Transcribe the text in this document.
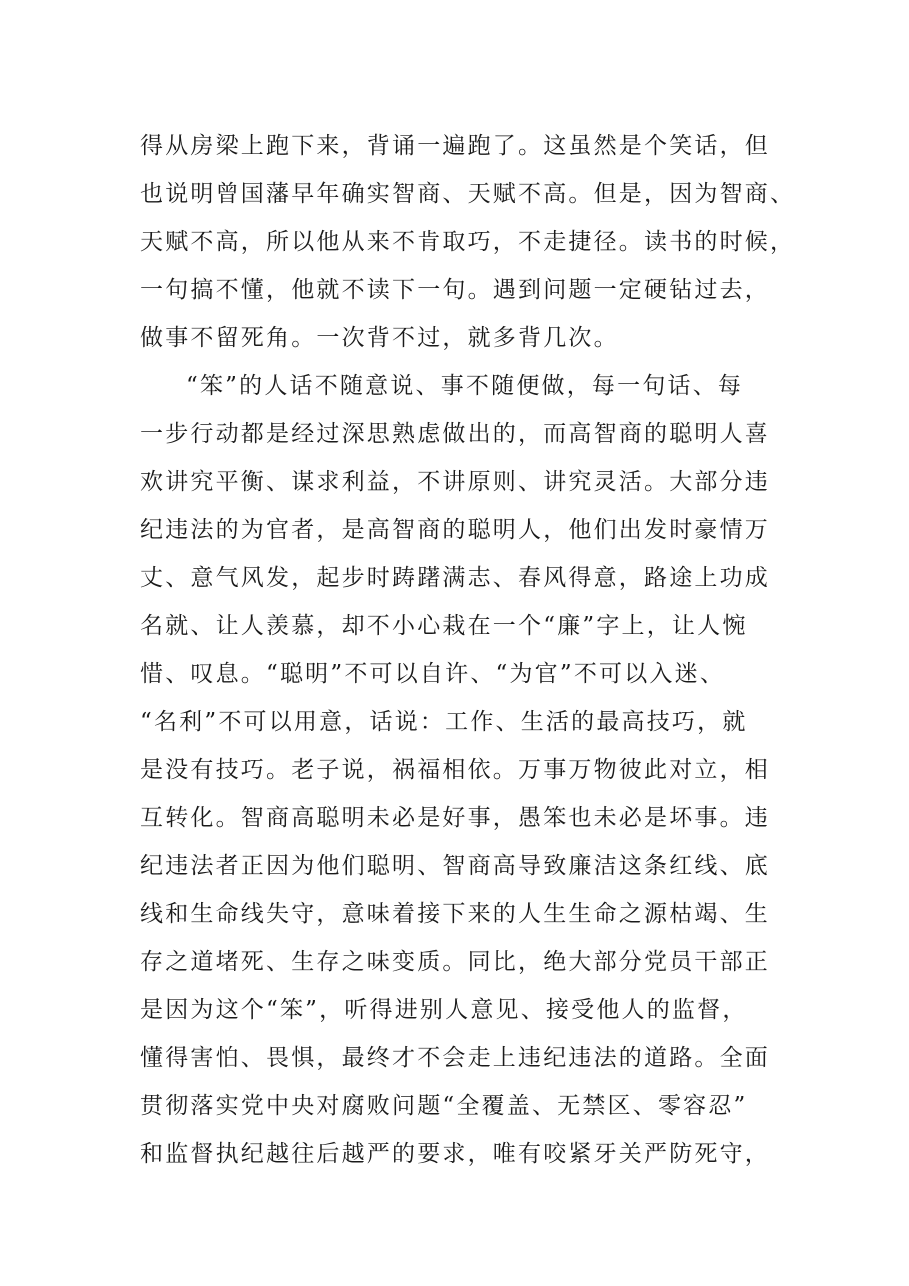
得从房梁上跑下来，背诵一遍跑了。这虽然是个笑话，但
也说明曾国藩早年确实智商、天赋不高。但是，因为智商、
天赋不高，所以他从来不肯取巧，不走捷径。读书的时候，
一句搞不懂，他就不读下一句。遇到问题一定硬钻过去，
做事不留死角。一次背不过，就多背几次。
“笨”的人话不随意说、事不随便做，每一句话、每
一步行动都是经过深思熟虑做出的，而高智商的聪明人喜
欢讲究平衡、谋求利益，不讲原则、讲究灵活。大部分违
纪违法的为官者，是高智商的聪明人，他们出发时豪情万
丈、意气风发，起步时踌躇满志、春风得意，路途上功成
名就、让人羡慕，却不小心栽在一个“廉”字上，让人惋
惜、叹息。“聪明”不可以自许、“为官”不可以入迷、
“名利”不可以用意，话说：工作、生活的最高技巧，就
是没有技巧。老子说，祸福相依。万事万物彼此对立，相
互转化。智商高聪明未必是好事，愚笨也未必是坏事。违
纪违法者正因为他们聪明、智商高导致廉洁这条红线、底
线和生命线失守，意味着接下来的人生生命之源枯竭、生
存之道堵死、生存之味变质。同比，绝大部分党员干部正
是因为这个“笨”，听得进别人意见、接受他人的监督，
懂得害怕、畏惧，最终才不会走上违纪违法的道路。全面
贯彻落实党中央对腐败问题“全覆盖、无禁区、零容忍”
和监督执纪越往后越严的要求，唯有咬紧牙关严防死守，
